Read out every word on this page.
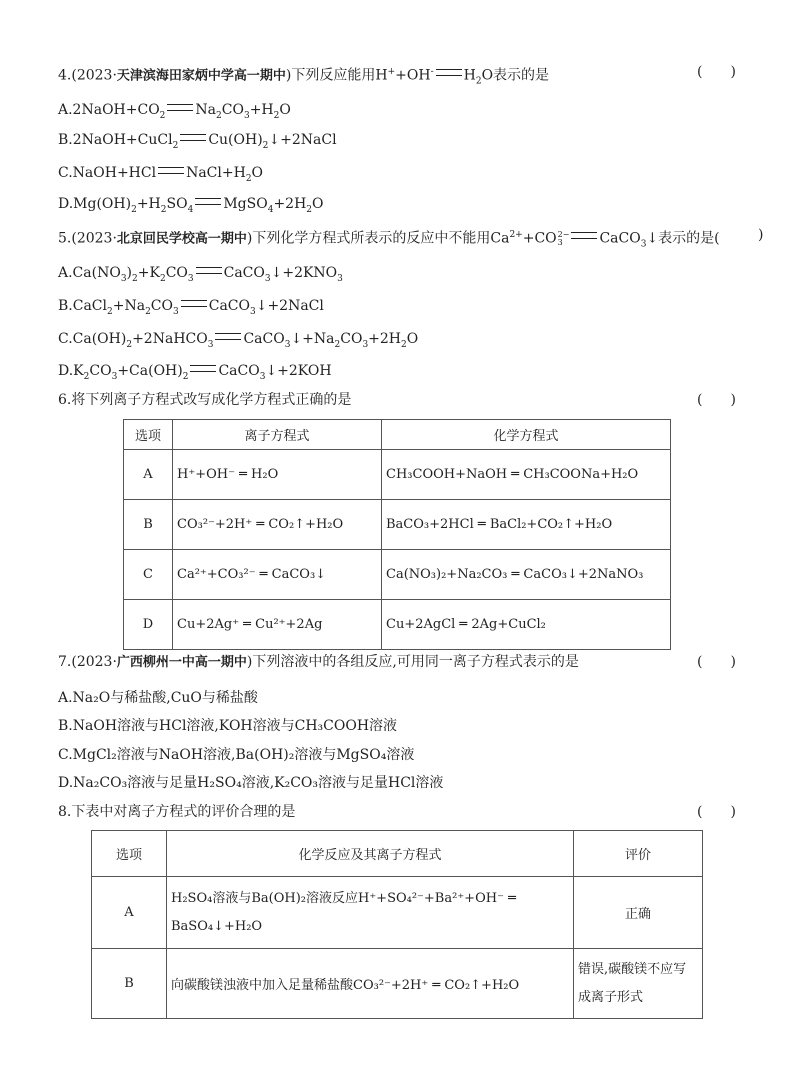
4.(2023·天津滨海田家炳中学高一期中)下列反应能用H++OH- $H_2O$表示的是	(　　)
$A.2NaOH+CO_2$ $Na_2CO_3+H_2O$
B.2NaOH+CuCl$_2$ $Cu(OH)_2↓+2NaCl$
C.NaOH+HCl $NaCl+H_2O$
$D.Mg(OH)_2+H_2SO_4$ $MgSO_4+2H_2O$
5.(2023·北京回民学校高一期中)下列化学方程式所表示的反应中不能用$Ca^{2+}+CO$ 2−
3	CaCO$_3$↓表示的是(	)
$A.Ca(NO_3)_2+K_2CO_3$ $CaCO_3↓+2KNO_3$
$B.CaCl_2+Na_2CO_3$ CaCO$_3$↓+2NaCl
$C.Ca(OH)_2+2NaHCO_3$ $CaCO_3↓+Na_2CO_3+2H_2O$
$D.K_2CO_3+Ca(OH)_2$ CaCO$_3$↓+2KOH
6.将下列离子方程式改写成化学方程式正确的是	(　　)
选项	离子方程式	化学方程式
A	H⁺+OH⁻ ═ H₂O	CH₃COOH+NaOH ═ CH₃COONa+H₂O
B	CO₃²⁻+2H⁺ ═ CO₂↑+H₂O	BaCO₃+2HCl ═ BaCl₂+CO₂↑+H₂O
C	Ca²⁺+CO₃²⁻ ═ CaCO₃↓	Ca(NO₃)₂+Na₂CO₃ ═ CaCO₃↓+2NaNO₃
D	Cu+2Ag⁺ ═ Cu²⁺+2Ag	Cu+2AgCl ═ 2Ag+CuCl₂
7.(2023·广西柳州一中高一期中)下列溶液中的各组反应,可用同一离子方程式表示的是	(　　)
A.Na₂O与稀盐酸,CuO与稀盐酸
B.NaOH溶液与HCl溶液,KOH溶液与CH₃COOH溶液
C.MgCl₂溶液与NaOH溶液,Ba(OH)₂溶液与MgSO₄溶液
D.Na₂CO₃溶液与足量H₂SO₄溶液,K₂CO₃溶液与足量HCl溶液
8.下表中对离子方程式的评价合理的是	(　　)
选项	化学反应及其离子方程式	评价
A	H₂SO₄溶液与Ba(OH)₂溶液反应H⁺+SO₄²⁻+Ba²⁺+OH⁻ ═
BaSO₄↓+H₂O	正确

B	向碳酸镁浊液中加入足量稀盐酸CO₃²⁻+2H⁺ ═ CO₂↑+H₂O	错误,碳酸镁不应写
成离子形式
